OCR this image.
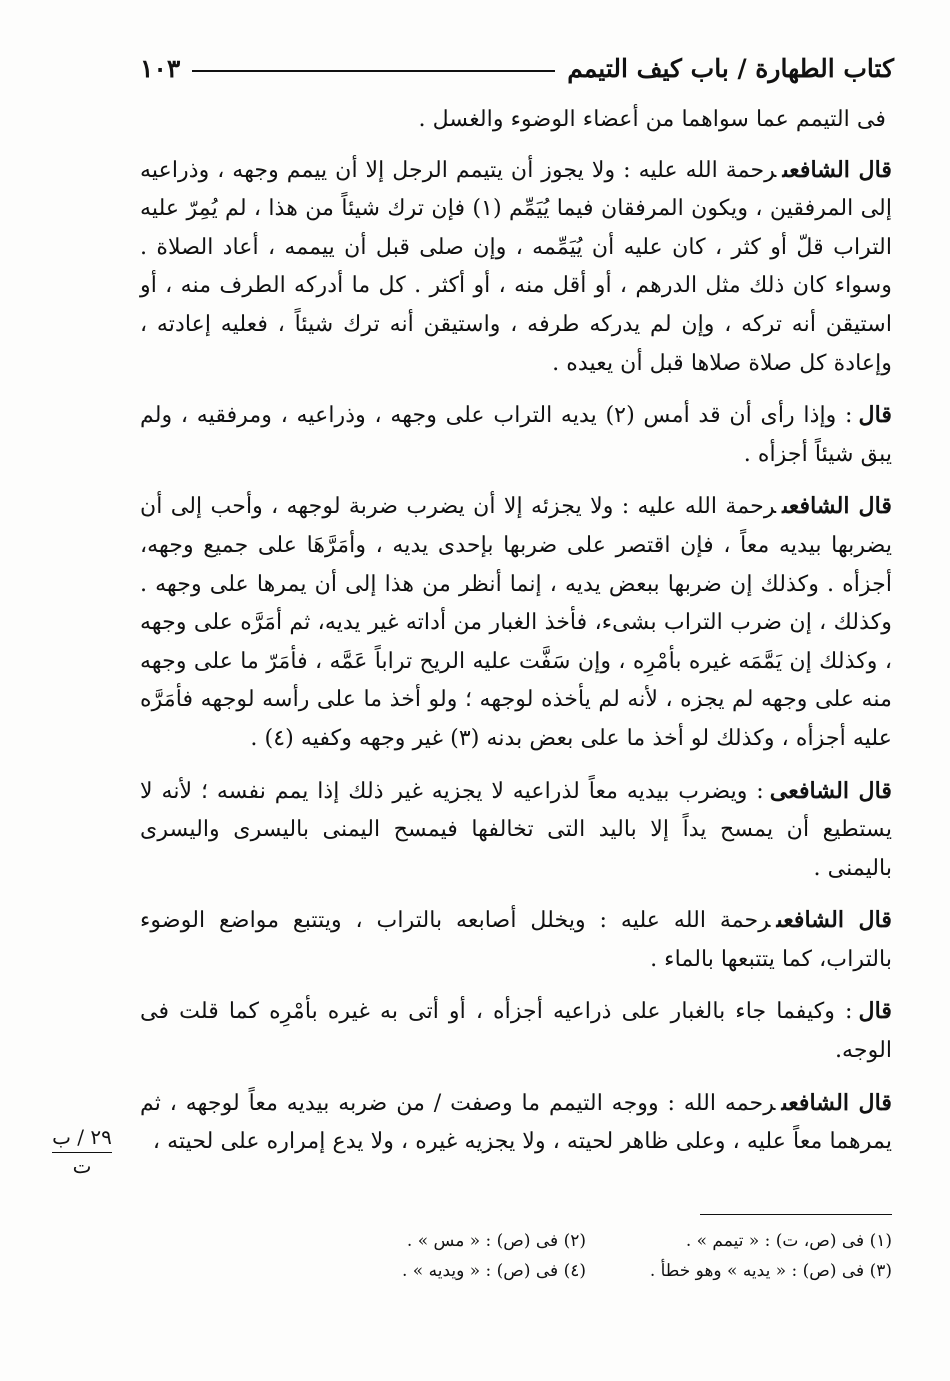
كتاب الطهارة / باب كيف التيمم
١٠٣

فى التيمم عما سواهما من أعضاء الوضوء والغسل .

قال الشافعىرحمة الله عليه : ولا يجوز أن يتيمم الرجل إلا أن ييمم وجهه ، وذراعيه إلى المرفقين ، ويكون المرفقان فيما يُيَمِّم (١) فإن ترك شيئاً من هذا ، لم يُمِرّ عليه التراب قلّ أو كثر ، كان عليه أن يُيَمِّمه ، وإن صلى قبل أن ييممه ، أعاد الصلاة . وسواء كان ذلك مثل الدرهم ، أو أقل منه ، أو أكثر . كل ما أدركه الطرف منه ، أو استيقن أنه تركه ، وإن لم يدركه طرفه ، واستيقن أنه ترك شيئاً ، فعليه إعادته ، وإعادة كل صلاة صلاها قبل أن يعيده .

قال: وإذا رأى أن قد أمس (٢) يديه التراب على وجهه ، وذراعيه ، ومرفقيه ، ولم يبق شيئاً أجزأه .

قال الشافعىرحمة الله عليه : ولا يجزئه إلا أن يضرب ضربة لوجهه ، وأحب إلى أن يضربها بيديه معاً ، فإن اقتصر على ضربها بإحدى يديه ، وأمَرَّهَا على جميع وجهه، أجزأه . وكذلك إن ضربها ببعض يديه ، إنما أنظر من هذا إلى أن يمرها على وجهه . وكذلك ، إن ضرب التراب بشىء، فأخذ الغبار من أداته غير يديه، ثم أمَرَّه على وجهه ، وكذلك إن يَمَّمَه غيره بأمْرِه ، وإن سَفَّت عليه الريح تراباً عَمَّه ، فأمَرّ ما على وجهه منه على وجهه لم يجزه ، لأنه لم يأخذه لوجهه ؛ ولو أخذ ما على رأسه لوجهه فأمَرَّه عليه أجزأه ، وكذلك لو أخذ ما على بعض بدنه (٣) غير وجهه وكفيه (٤) .

قال الشافعى: ويضرب بيديه معاً لذراعيه لا يجزيه غير ذلك إذا يمم نفسه ؛ لأنه لا يستطيع أن يمسح يداً إلا باليد التى تخالفها فيمسح اليمنى باليسرى واليسرى باليمنى .

قال الشافعىرحمة الله عليه : ويخلل أصابعه بالتراب ، ويتتبع مواضع الوضوء بالتراب، كما يتتبعها بالماء .

قال: وكيفما جاء بالغبار على ذراعيه أجزأه ، أو أتى به غيره بأمْرِه كما قلت فى الوجه.

قال الشافعىرحمه الله : ووجه التيمم ما وصفت / من ضربه بيديه معاً لوجهه ، ثم يمرهما معاً عليه ، وعلى ظاهر لحيته ، ولا يجزيه غيره ، ولا يدع إمراره على لحيته ،

٢٩ / ب
ت
(١) فى (ص، ت) : « تيمم » .
(٢) فى (ص) : « مس » .
(٣) فى (ص) : « يديه » وهو خطأ .
(٤) فى (ص) : « ويديه » .
